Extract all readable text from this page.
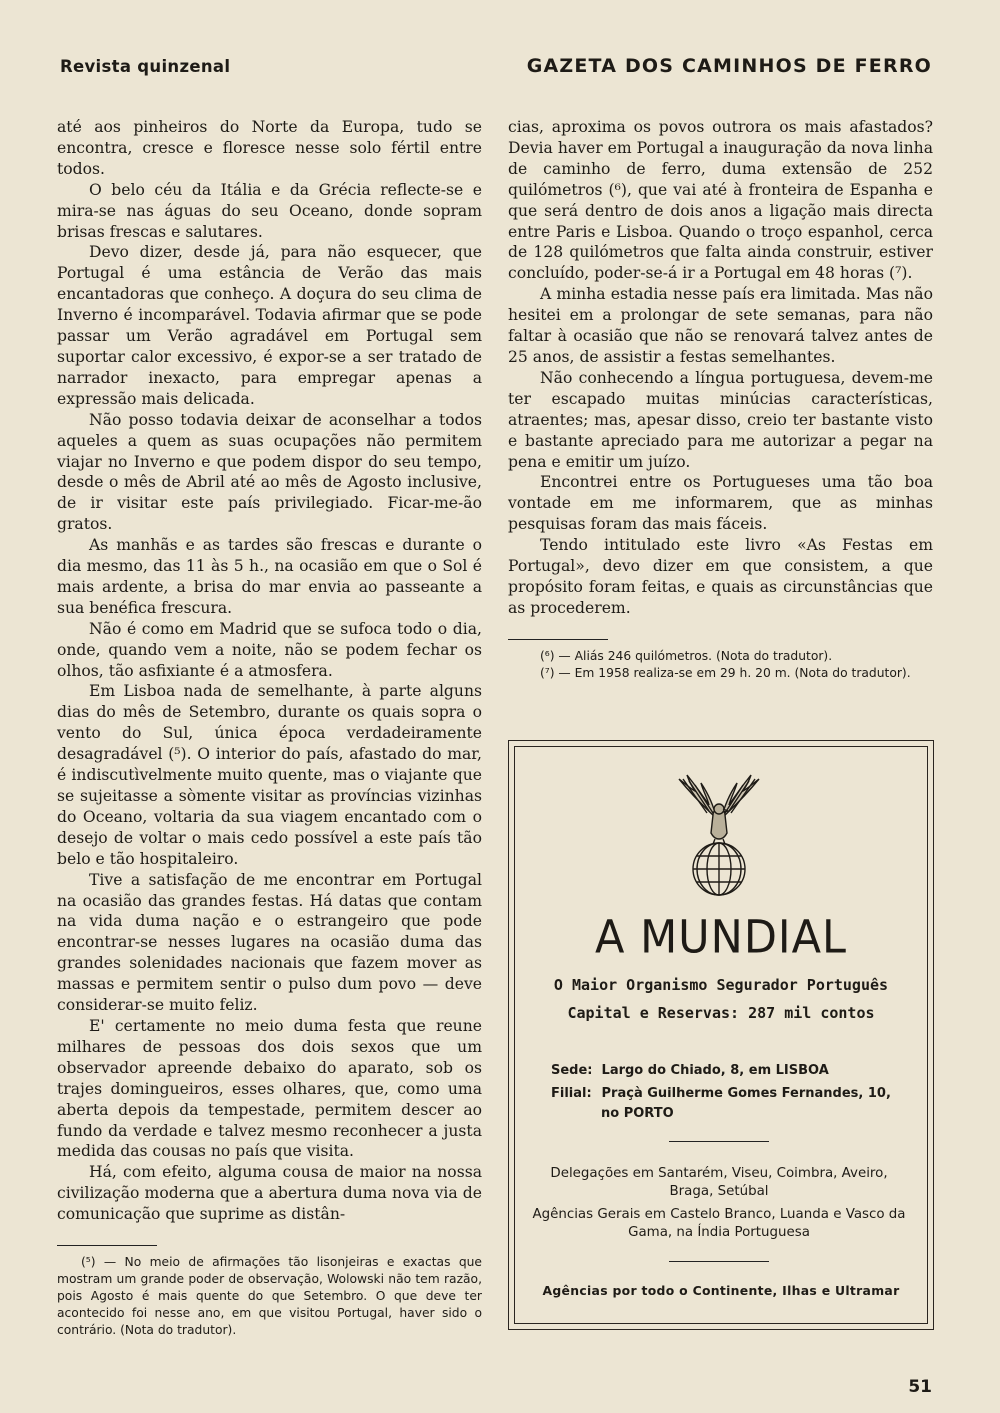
Revista quinzenal	GAZETA DOS CAMINHOS DE FERRO

até aos pinheiros do Norte da Europa, tudo se encontra, cresce e floresce nesse solo fértil entre todos.

O belo céu da Itália e da Grécia reflecte-se e mira-se nas águas do seu Oceano, donde sopram brisas frescas e salutares.

Devo dizer, desde já, para não esquecer, que Portugal é uma estância de Verão das mais encantadoras que conheço. A doçura do seu clima de Inverno é incomparável. Todavia afirmar que se pode passar um Verão agradável em Portugal sem suportar calor excessivo, é expor-se a ser tratado de narrador inexacto, para empregar apenas a expressão mais delicada.

Não posso todavia deixar de aconselhar a todos aqueles a quem as suas ocupações não permitem viajar no Inverno e que podem dispor do seu tempo, desde o mês de Abril até ao mês de Agosto inclusive, de ir visitar este país privilegiado. Ficar-me-ão gratos.

As manhãs e as tardes são frescas e durante o dia mesmo, das 11 às 5 h., na ocasião em que o Sol é mais ardente, a brisa do mar envia ao passeante a sua benéfica frescura.

Não é como em Madrid que se sufoca todo o dia, onde, quando vem a noite, não se podem fechar os olhos, tão asfixiante é a atmosfera.

Em Lisboa nada de semelhante, à parte alguns dias do mês de Setembro, durante os quais sopra o vento do Sul, única época verdadeiramente desagradável (⁵). O interior do país, afastado do mar, é indiscutìvelmente muito quente, mas o viajante que se sujeitasse a sòmente visitar as províncias vizinhas do Oceano, voltaria da sua viagem encantado com o desejo de voltar o mais cedo possível a este país tão belo e tão hospitaleiro.

Tive a satisfação de me encontrar em Portugal na ocasião das grandes festas. Há datas que contam na vida duma nação e o estrangeiro que pode encontrar-se nesses lugares na ocasião duma das grandes solenidades nacionais que fazem mover as massas e permitem sentir o pulso dum povo — deve considerar-se muito feliz.

E' certamente no meio duma festa que reune milhares de pessoas dos dois sexos que um observador apreende debaixo do aparato, sob os trajes domingueiros, esses olhares, que, como uma aberta depois da tempestade, permitem descer ao fundo da verdade e talvez mesmo reconhecer a justa medida das cousas no país que visita.

Há, com efeito, alguma cousa de maior na nossa civilização moderna que a abertura duma nova via de comunicação que suprime as distân-

(⁵) — No meio de afirmações tão lisonjeiras e exactas que mostram um grande poder de observação, Wolowski não tem razão, pois Agosto é mais quente do que Setembro. O que deve ter acontecido foi nesse ano, em que visitou Portugal, haver sido o contrário. (Nota do tradutor).

cias, aproxima os povos outrora os mais afastados? Devia haver em Portugal a inauguração da nova linha de caminho de ferro, duma extensão de 252 quilómetros (⁶), que vai até à fronteira de Espanha e que será dentro de dois anos a ligação mais directa entre Paris e Lisboa. Quando o troço espanhol, cerca de 128 quilómetros que falta ainda construir, estiver concluído, poder-se-á ir a Portugal em 48 horas (⁷).

A minha estadia nesse país era limitada. Mas não hesitei em a prolongar de sete semanas, para não faltar à ocasião que não se renovará talvez antes de 25 anos, de assistir a festas semelhantes.

Não conhecendo a língua portuguesa, devem-me ter escapado muitas minúcias características, atraentes; mas, apesar disso, creio ter bastante visto e bastante apreciado para me autorizar a pegar na pena e emitir um juízo.

Encontrei entre os Portugueses uma tão boa vontade em me informarem, que as minhas pesquisas foram das mais fáceis.

Tendo intitulado este livro «As Festas em Portugal», devo dizer em que consistem, a que propósito foram feitas, e quais as circunstâncias que as procederem.

(⁶) — Aliás 246 quilómetros. (Nota do tradutor).

(⁷) — Em 1958 realiza-se em 29 h. 20 m. (Nota do tradutor).

A MUNDIAL
O Maior Organismo Segurador Português
Capital e Reservas: 287 mil contos
Sede: Largo do Chiado, 8, em LISBOA
Filial: Praçà Guilherme Gomes Fernandes, 10,
no PORTO
Delegações em Santarém, Viseu, Coimbra, Aveiro, Braga, Setúbal
Agências Gerais em Castelo Branco, Luanda e Vasco da Gama, na Índia Portuguesa
Agências por todo o Continente, Ilhas e Ultramar
51
